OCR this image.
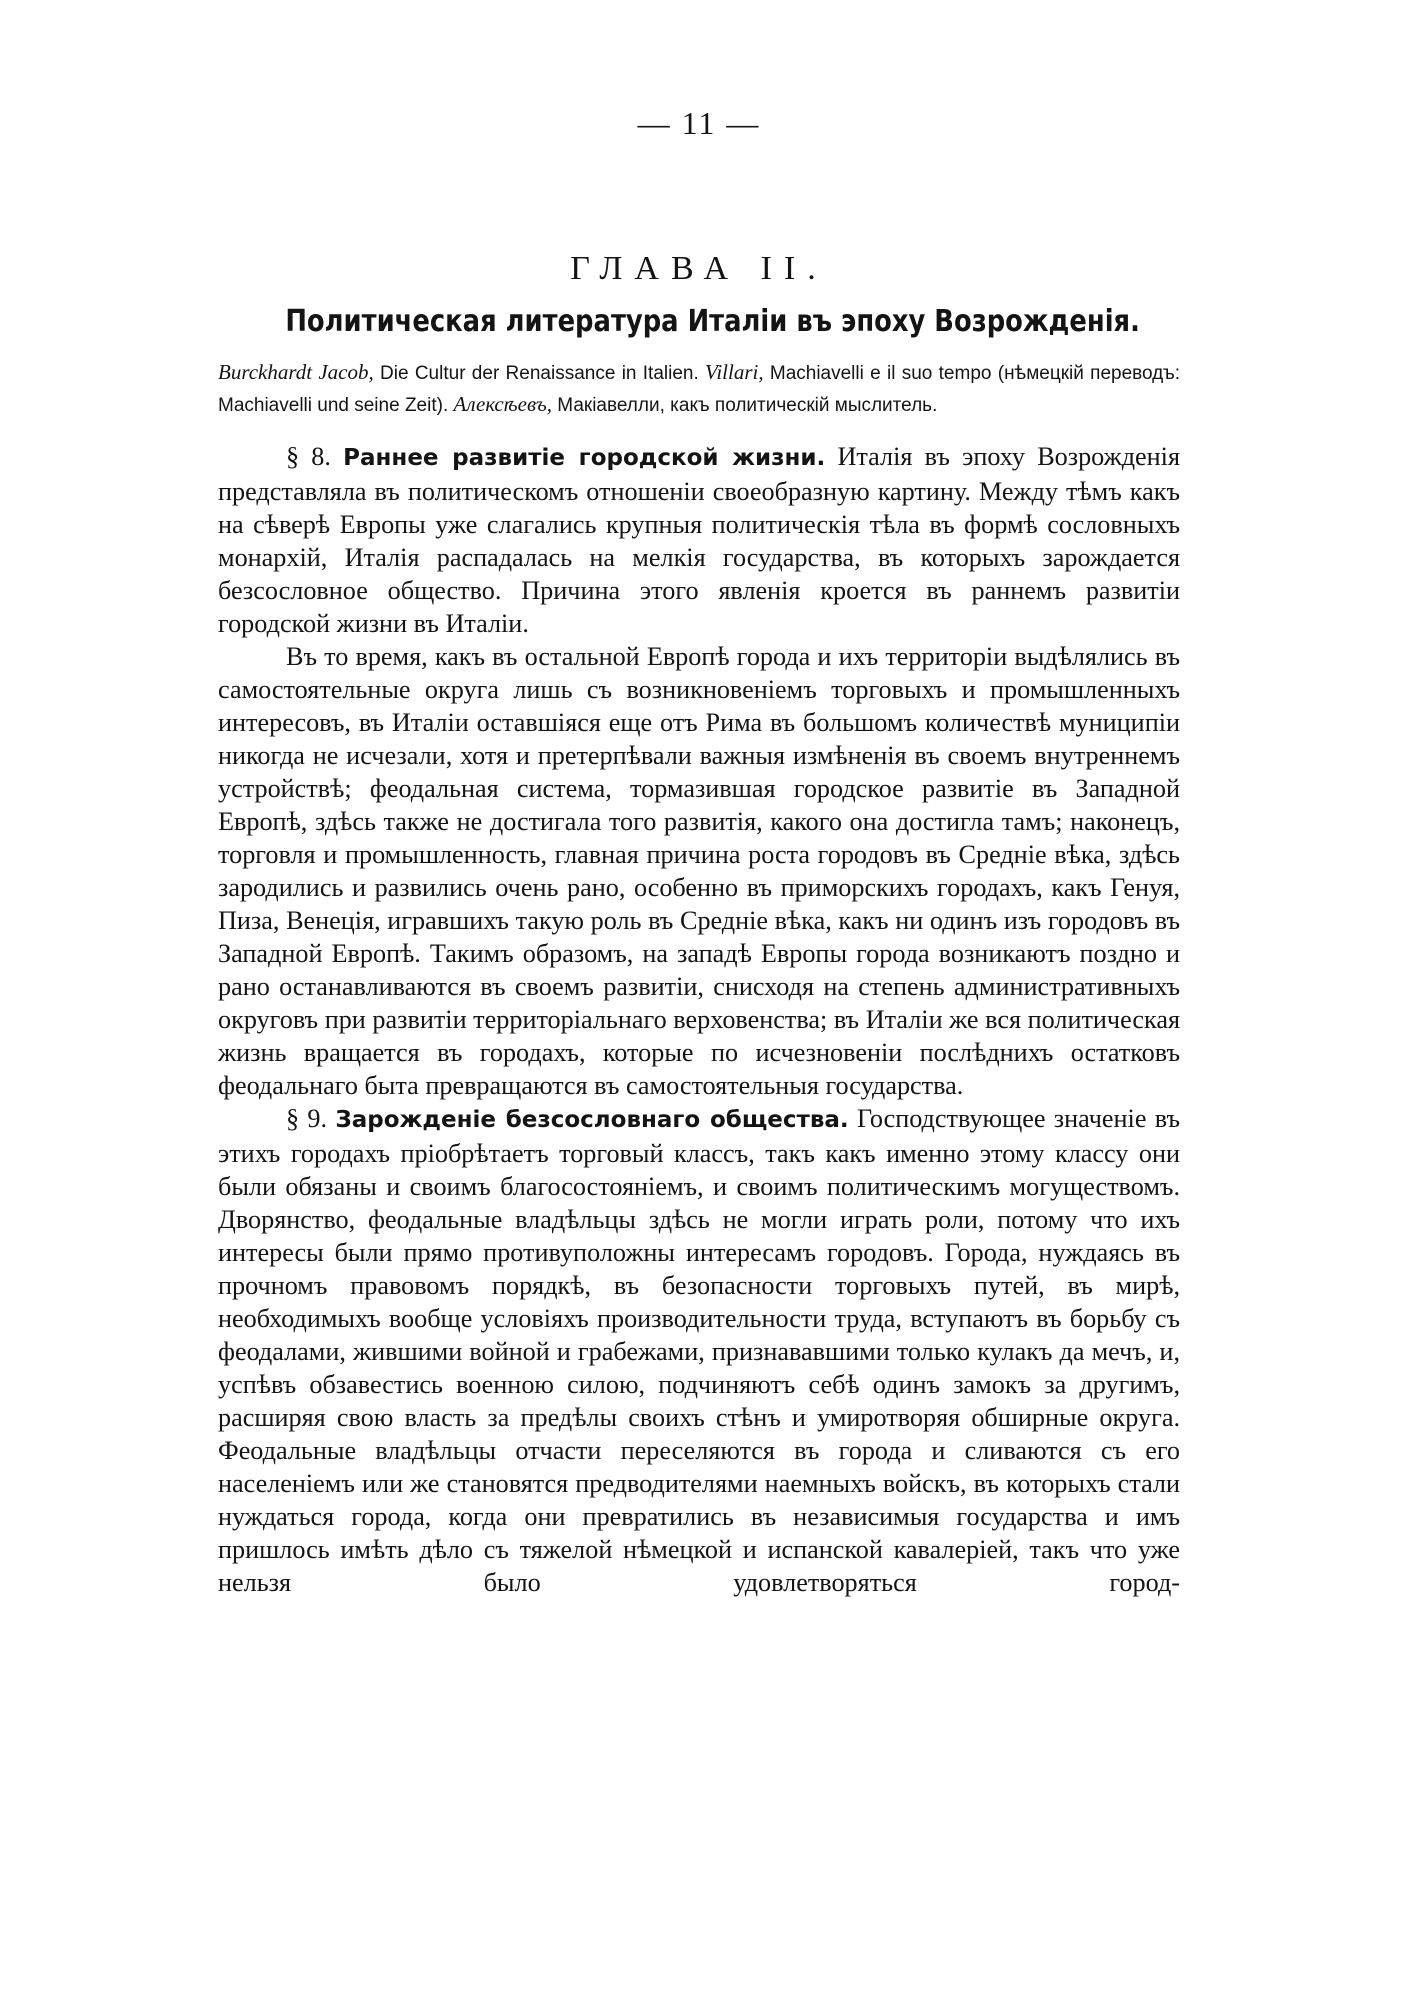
— 11 —
ГЛАВА II.
Политическая литература Италіи въ эпоху Возрожденія.

Burckhardt Jacob, Die Cultur der Renaissance in Italien. Villari, Machiavelli e il suo tempo (нѣмецкій переводъ: Machiavelli und seine Zeit). Алексѣевъ, Макіавелли, какъ политическій мыслитель.

§ 8. Раннее развитіе городской жизни. Италія въ эпоху Возрожденія представляла въ политическомъ отношеніи своеобразную картину. Между тѣмъ какъ на сѣверѣ Европы уже слагались крупныя политическія тѣла въ формѣ сословныхъ монархій, Италія распадалась на мелкія государства, въ которыхъ зарождается безсословное общество. Причина этого явленія кроется въ раннемъ развитіи городской жизни въ Италіи.

Въ то время, какъ въ остальной Европѣ города и ихъ территоріи выдѣлялись въ самостоятельные округа лишь съ возникновеніемъ торговыхъ и промышленныхъ интересовъ, въ Италіи оставшіяся еще отъ Рима въ большомъ количествѣ муниципіи никогда не исчезали, хотя и претерпѣвали важныя измѣненія въ своемъ внутреннемъ устройствѣ; феодальная система, тормазившая городское развитіе въ Западной Европѣ, здѣсь также не достигала того развитія, какого она достигла тамъ; наконецъ, торговля и промышленность, главная причина роста городовъ въ Средніе вѣка, здѣсь зародились и развились очень рано, особенно въ приморскихъ городахъ, какъ Генуя, Пиза, Венеція, игравшихъ такую роль въ Средніе вѣка, какъ ни одинъ изъ городовъ въ Западной Европѣ. Такимъ образомъ, на западѣ Европы города возникаютъ поздно и рано останавливаются въ своемъ развитіи, снисходя на степень административныхъ округовъ при развитіи территоріальнаго верховенства; въ Италіи же вся политическая жизнь вращается въ городахъ, которые по исчезновеніи послѣднихъ остатковъ феодальнаго быта превращаются въ самостоятельныя государства.

§ 9. Зарожденіе безсословнаго общества. Господствующее значеніе въ этихъ городахъ пріобрѣтаетъ торговый классъ, такъ какъ именно этому классу они были обязаны и своимъ благосостояніемъ, и своимъ политическимъ могуществомъ. Дворянство, феодальные владѣльцы здѣсь не могли играть роли, потому что ихъ интересы были прямо противуположны интересамъ городовъ. Города, нуждаясь въ прочномъ правовомъ порядкѣ, въ безопасности торговыхъ путей, въ мирѣ, необходимыхъ вообще условіяхъ производительности труда, вступаютъ въ борьбу съ феодалами, жившими войной и грабежами, признававшими только кулакъ да мечъ, и, успѣвъ обзавестись военною силою, подчиняютъ себѣ одинъ замокъ за другимъ, расширяя свою власть за предѣлы своихъ стѣнъ и умиротворяя обширные округа. Феодальные владѣльцы отчасти переселяются въ города и сливаются съ его населеніемъ или же становятся предводителями наемныхъ войскъ, въ которыхъ стали нуждаться города, когда они превратились въ независимыя государства и имъ пришлось имѣть дѣло съ тяжелой нѣмецкой и испанской кавалеріей, такъ что уже нельзя было удовлетворяться город-
